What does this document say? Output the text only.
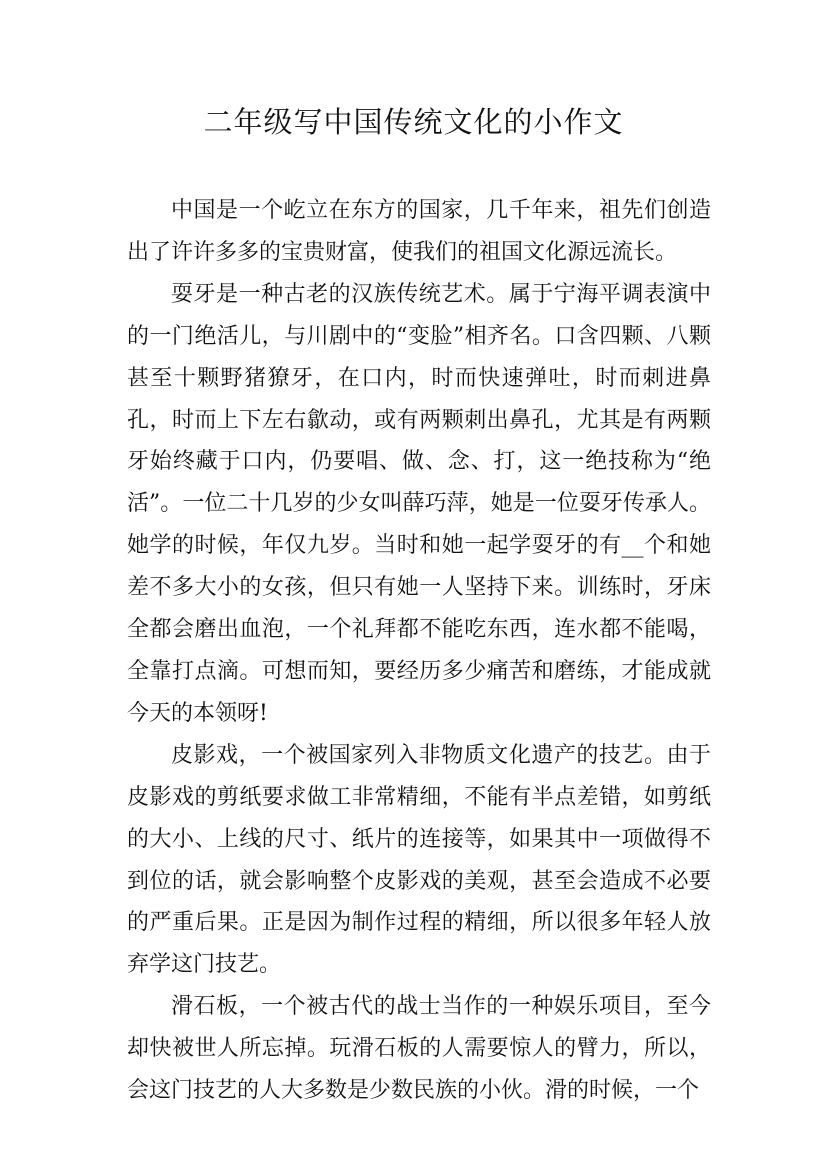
二年级写中国传统文化的小作文

中国是一个屹立在东方的国家，几千年来，祖先们创造出了许许多多的宝贵财富，使我们的祖国文化源远流长。

耍牙是一种古老的汉族传统艺术。属于宁海平调表演中的一门绝活儿，与川剧中的“变脸”相齐名。口含四颗、八颗甚至十颗野猪獠牙，在口内，时而快速弹吐，时而刺进鼻孔，时而上下左右歙动，或有两颗刺出鼻孔，尤其是有两颗牙始终藏于口内，仍要唱、做、念、打，这一绝技称为“绝活”。一位二十几岁的少女叫薛巧萍，她是一位耍牙传承人。她学的时候，年仅九岁。当时和她一起学耍牙的有__个和她差不多大小的女孩，但只有她一人坚持下来。训练时，牙床全都会磨出血泡，一个礼拜都不能吃东西，连水都不能喝，全靠打点滴。可想而知，要经历多少痛苦和磨练，才能成就今天的本领呀!

皮影戏，一个被国家列入非物质文化遗产的技艺。由于皮影戏的剪纸要求做工非常精细，不能有半点差错，如剪纸的大小、上线的尺寸、纸片的连接等，如果其中一项做得不到位的话，就会影响整个皮影戏的美观，甚至会造成不必要的严重后果。正是因为制作过程的精细，所以很多年轻人放弃学这门技艺。

滑石板，一个被古代的战士当作的一种娱乐项目，至今却快被世人所忘掉。玩滑石板的人需要惊人的臂力，所以，会这门技艺的人大多数是少数民族的小伙。滑的时候，一个
